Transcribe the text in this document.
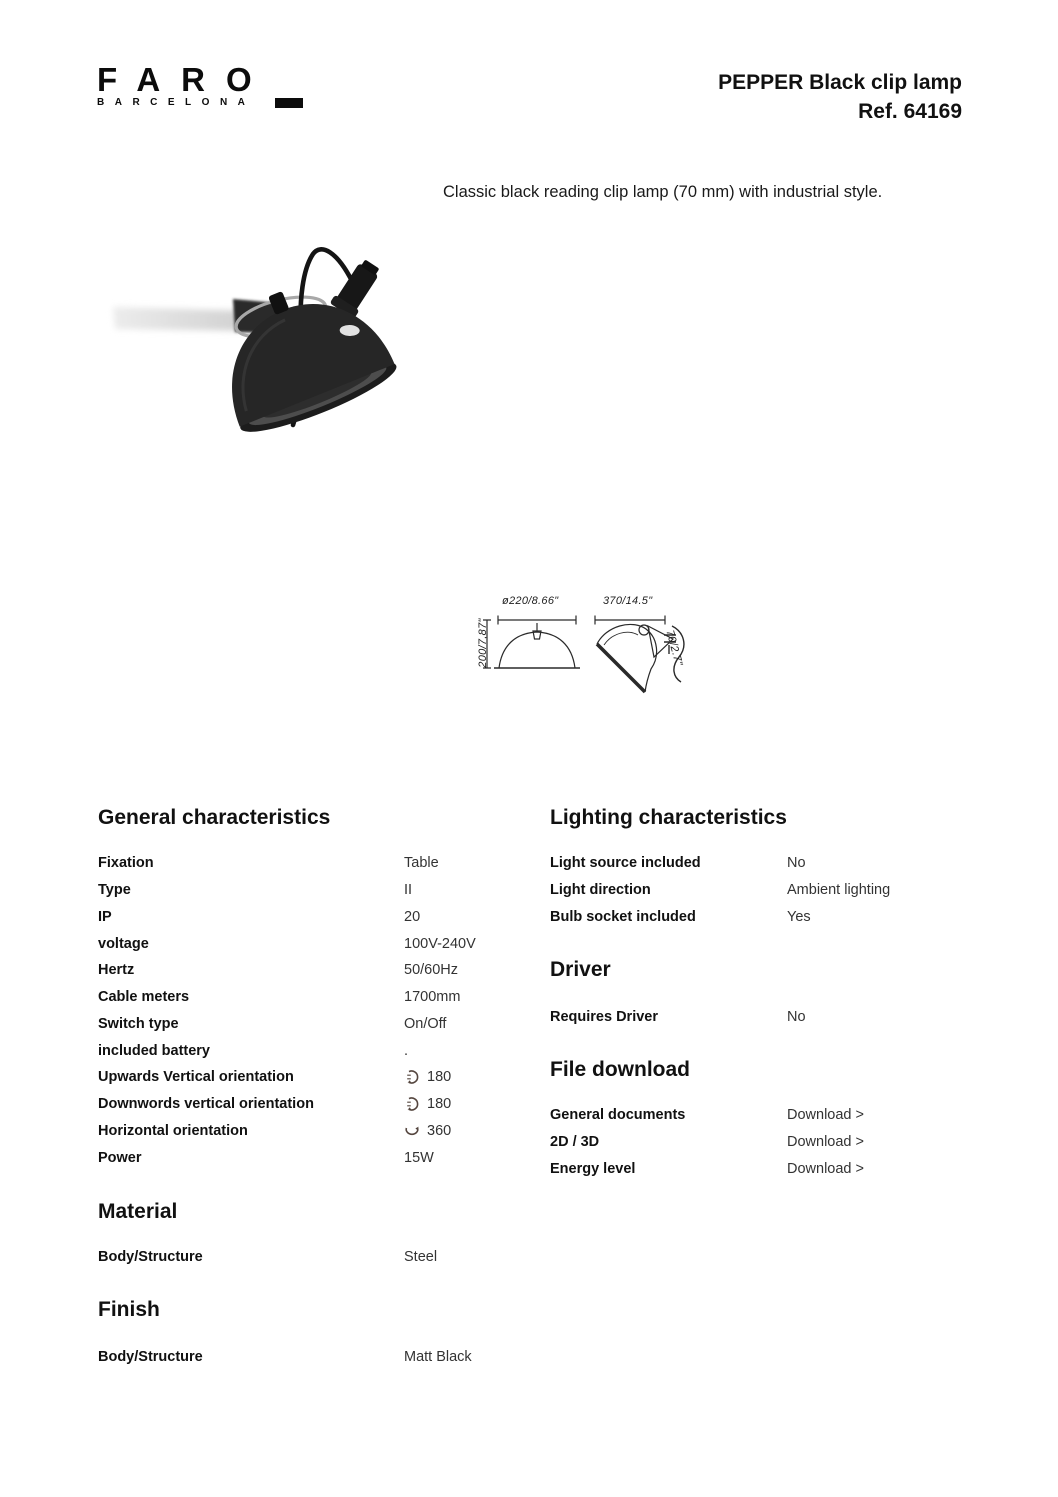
FARO
BARCELONA
PEPPER Black clip lamp
Ref. 64169
Classic black reading clip lamp (70 mm) with industrial style.
ø220/8.66"
200/7,87"
370/14.5"
70/2.7"
General characteristics
Fixation	Table
Type	II
IP	20
voltage	100V-240V
Hertz	50/60Hz
Cable meters	1700mm
Switch type	On/Off
included battery	.
Upwards Vertical orientation	180
Downwords vertical orientation	180
Horizontal orientation	360
Power	15W
Lighting characteristics
Light source included	No
Light direction	Ambient lighting
Bulb socket included	Yes
Driver
Requires Driver	No
File download
General documents	Download >
2D / 3D	Download >
Energy level	Download >
Material
Body/Structure	Steel
Finish
Body/Structure	Matt Black
